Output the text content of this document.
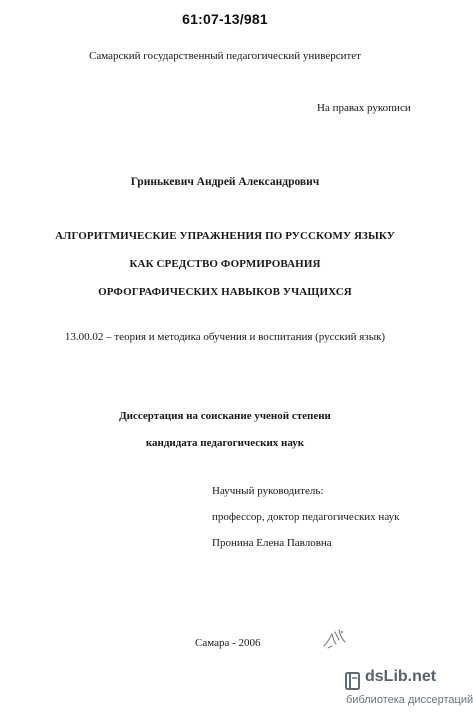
61:07-13/981
Самарский государственный педагогический университет
На правах рукописи
Гринькевич Андрей Александрович
АЛГОРИТМИЧЕСКИЕ УПРАЖНЕНИЯ ПО РУССКОМУ ЯЗЫКУ
КАК СРЕДСТВО ФОРМИРОВАНИЯ
ОРФОГРАФИЧЕСКИХ НАВЫКОВ УЧАЩИХСЯ
13.00.02 – теория и методика обучения и воспитания (русский язык)
Диссертация на соискание ученой степени
кандидата педагогических наук
Научный руководитель:
профессор, доктор педагогических наук
Пронина Елена Павловна
Самара - 2006
dsLib.net
библиотека диссертаций
